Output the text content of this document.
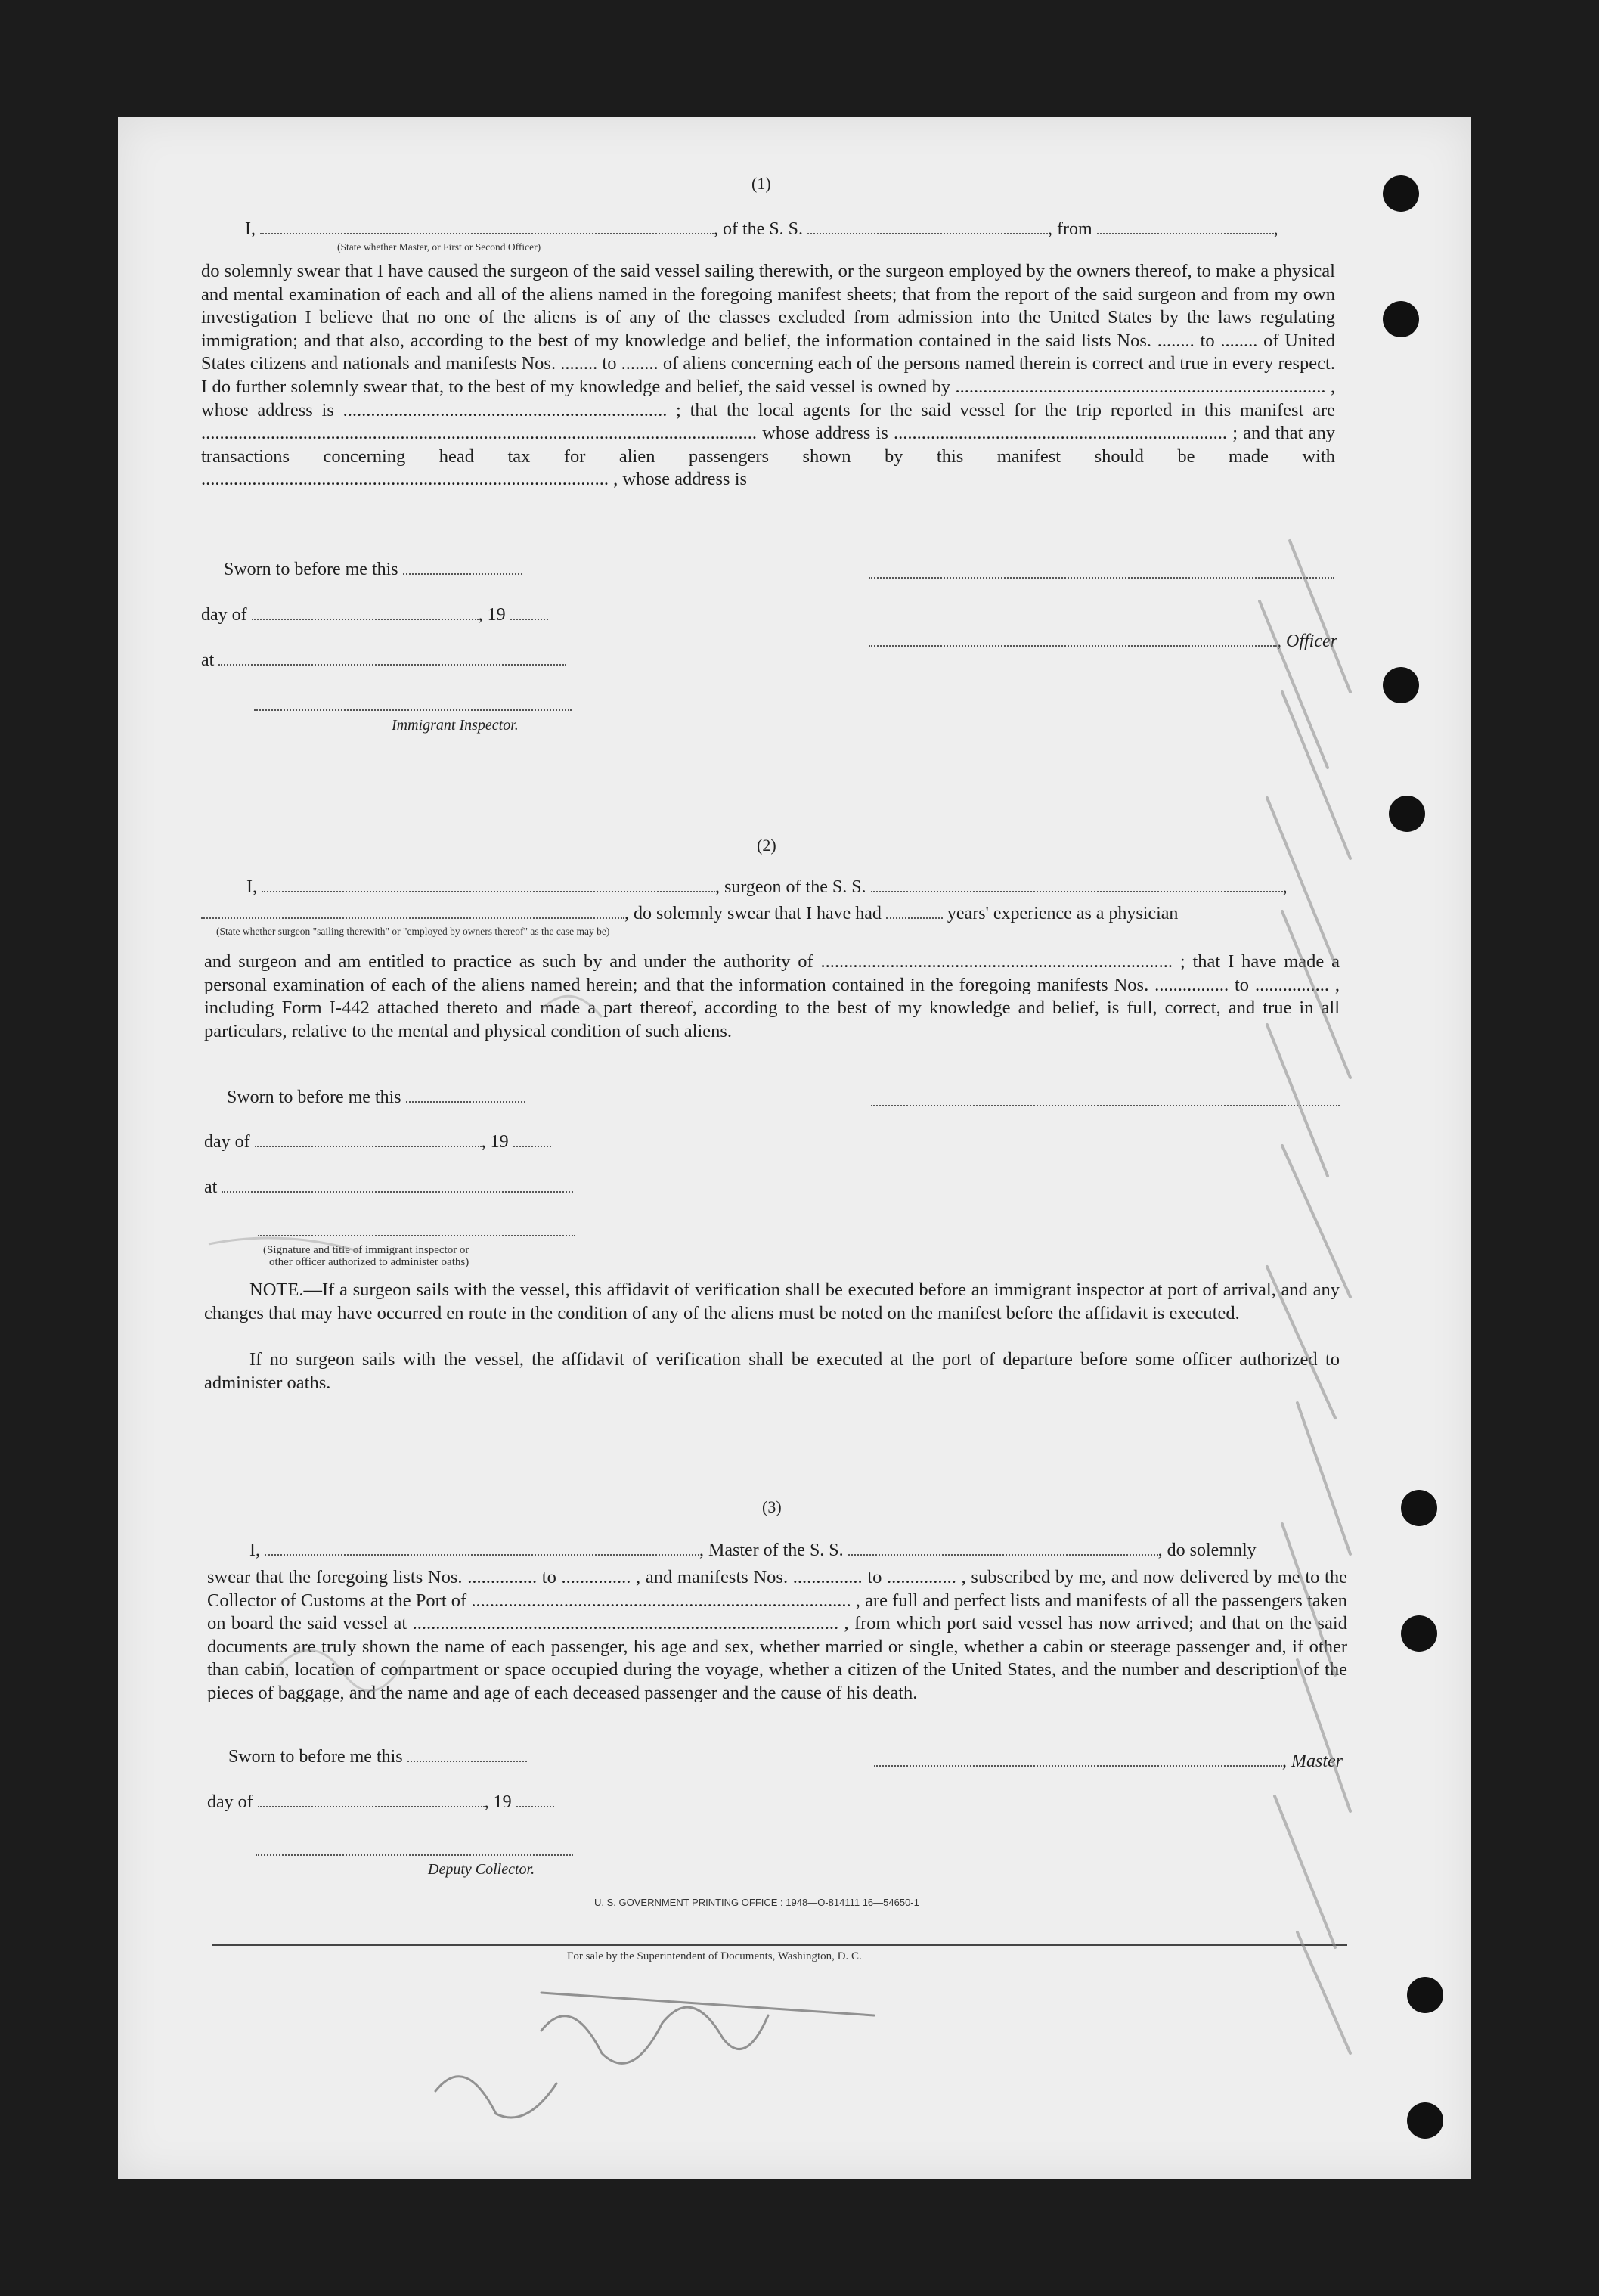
(1)
I,	, of the S. S.	, from	,
(State whether Master, or First or Second Officer)

do solemnly swear that I have caused the surgeon of the said vessel sailing therewith, or the surgeon employed by the owners thereof, to make a physical and mental examination of each and all of the aliens named in the foregoing manifest sheets; that from the report of the said surgeon and from my own investigation I believe that no one of the aliens is of any of the classes excluded from admission into the United States by the laws regulating immigration; and that also, according to the best of my knowledge and belief, the information contained in the said lists Nos. ........ to ........ of United States citizens and nationals and manifests Nos. ........ to ........ of aliens concerning each of the persons named therein is correct and true in every respect. I do further solemnly swear that, to the best of my knowledge and belief, the said vessel is owned by ................................................................................ , whose address is ...................................................................... ; that the local agents for the said vessel for the trip reported in this manifest are ........................................................................................................................ whose address is ........................................................................ ; and that any transactions concerning head tax for alien passengers shown by this manifest should be made with ........................................................................................ , whose address is

Sworn to before me this
day of	, 19
, Officer
at
Immigrant Inspector.
(2)
I,	, surgeon of the S. S.	,
, do solemnly swear that I have had	years' experience as a physician
(State whether surgeon "sailing therewith" or "employed by owners thereof" as the case may be)

and surgeon and am entitled to practice as such by and under the authority of ............................................................................ ; that I have made a personal examination of each of the aliens named herein; and that the information contained in the foregoing manifests Nos. ................ to ................ , including Form I-442 attached thereto and made a part thereof, according to the best of my knowledge and belief, is full, correct, and true in all particulars, relative to the mental and physical condition of such aliens.

Sworn to before me this
day of	, 19
at
(Signature and title of immigrant inspector or
other officer authorized to administer oaths)

NOTE.—If a surgeon sails with the vessel, this affidavit of verification shall be executed before an immigrant inspector at port of arrival, and any changes that may have occurred en route in the condition of any of the aliens must be noted on the manifest before the affidavit is executed.

If no surgeon sails with the vessel, the affidavit of verification shall be executed at the port of departure before some officer authorized to administer oaths.

(3)
I,	, Master of the S. S.	, do solemnly

swear that the foregoing lists Nos. ............... to ............... , and manifests Nos. ............... to ............... , subscribed by me, and now delivered by me to the Collector of Customs at the Port of .................................................................................. , are full and perfect lists and manifests of all the passengers taken on board the said vessel at ............................................................................................ , from which port said vessel has now arrived; and that on the said documents are truly shown the name of each passenger, his age and sex, whether married or single, whether a cabin or steerage passenger and, if other than cabin, location of compartment or space occupied during the voyage, whether a citizen of the United States, and the number and description of the pieces of baggage, and the name and age of each deceased passenger and the cause of his death.

Sworn to before me this	, Master
day of	, 19
Deputy Collector.
U. S. GOVERNMENT PRINTING OFFICE : 1948—O-814111 16—54650-1
For sale by the Superintendent of Documents, Washington, D. C.
